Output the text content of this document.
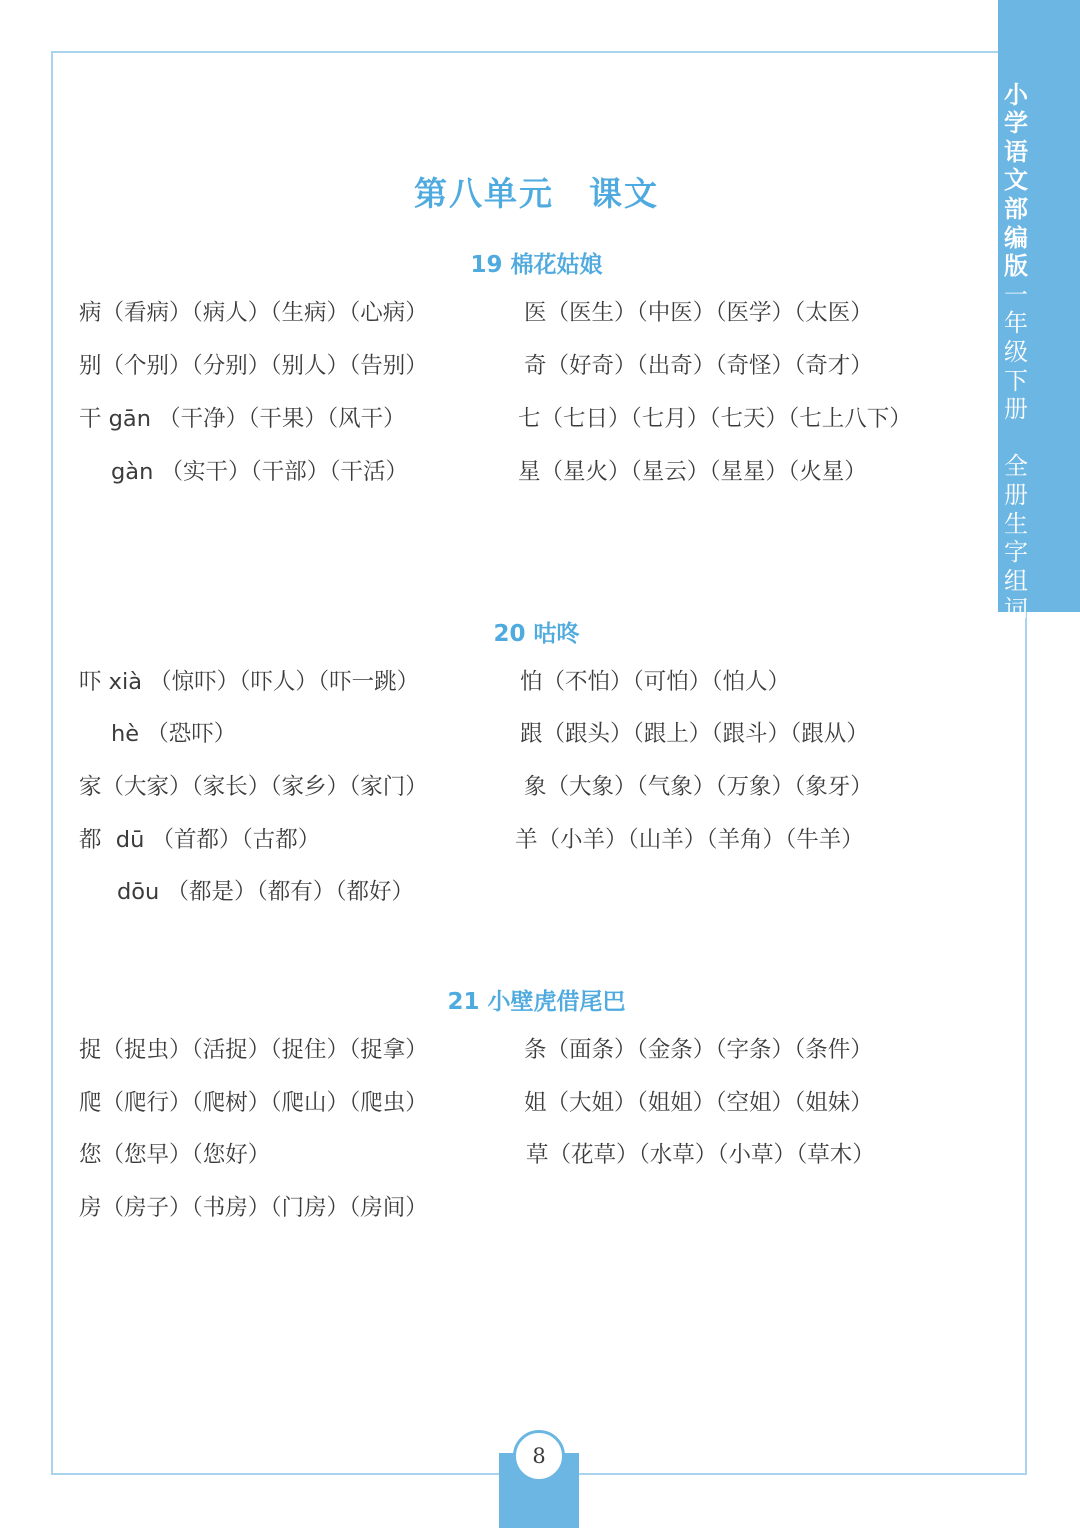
小
学
语
文
部
编
版
一
年
级
下
册

全
册
生
字
组
词

第八单元　课文
19 棉花姑娘
病（看病）（病人）（生病）（心病）	医（医生）（中医）（医学）（太医）
别（个别）（分别）（别人）（告别）	奇（好奇）（出奇）（奇怪）（奇才）
干 gān （干净）（干果）（风干）	七（七日）（七月）（七天）（七上八下）
gàn （实干）（干部）（干活）	星（星火）（星云）（星星）（火星）
20 咕咚
吓 xià （惊吓）（吓人）（吓一跳）	怕（不怕）（可怕）（怕人）
hè （恐吓）	跟（跟头）（跟上）（跟斗）（跟从）
家（大家）（家长）（家乡）（家门）	象（大象）（气象）（万象）（象牙）
都  dū （首都）（古都）	羊（小羊）（山羊）（羊角）（牛羊）
dōu （都是）（都有）（都好）
21 小壁虎借尾巴
捉（捉虫）（活捉）（捉住）（捉拿）	条（面条）（金条）（字条）（条件）
爬（爬行）（爬树）（爬山）（爬虫）	姐（大姐）（姐姐）（空姐）（姐妹）
您（您早）（您好）	草（花草）（水草）（小草）（草木）
房（房子）（书房）（门房）（房间）
8
